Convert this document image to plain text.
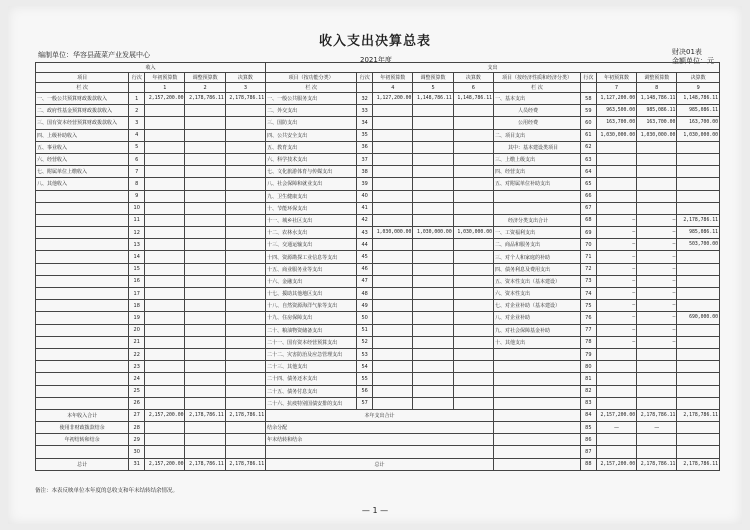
收入支出决算总表
编制单位：华容县蔬菜产业发展中心
2021年度
财决01表
金额单位：元
收入					支出									
项目	行次	年初预算数	调整预算数	决算数	项目（按功能分类）	行次	年初预算数	调整预算数	决算数	项目（按经济性质和经济分类）	行次	年初预算数	调整预算数	决算数
栏 次		1	2	3	栏 次		4	5	6	栏 次		7	8	9
一、一般公共预算财政拨款收入	1	2,157,200.00	2,178,786.11	2,178,786.11	一、一般公共服务支出	32	1,127,200.00	1,148,786.11	1,148,786.11	一、基本支出	58	1,127,200.00	1,148,786.11	1,148,786.11
二、政府性基金预算财政拨款收入	2				二、外交支出	33				人员经费	59	963,500.00	985,086.11	985,086.11
三、国有资本经营预算财政拨款收入	3				三、国防支出	34				公用经费	60	163,700.00	163,700.00	163,700.00
四、上级补助收入	4				四、公共安全支出	35				二、项目支出	61	1,030,000.00	1,030,000.00	1,030,000.00
五、事业收入	5				五、教育支出	36				其中：基本建设类项目	62			
六、经营收入	6				六、科学技术支出	37				三、上缴上级支出	63			
七、附属单位上缴收入	7				七、文化旅游体育与传媒支出	38				四、经营支出	64			
八、其他收入	8				八、社会保障和就业支出	39				五、对附属单位补助支出	65			
	9				九、卫生健康支出	40					66			
	10				十、节能环保支出	41					67			
	11				十一、城乡社区支出	42				经济分类支出合计	68	—	—	2,178,786.11
	12				十二、农林水支出	43	1,030,000.00	1,030,000.00	1,030,000.00	一、工资福利支出	69	—	—	985,086.11
	13				十三、交通运输支出	44				二、商品和服务支出	70	—	—	503,700.00
	14				十四、资源勘探工业信息等支出	45				三、对个人和家庭的补助	71	—	—	
	15				十五、商业服务业等支出	46				四、债务利息及费用支出	72	—	—	
	16				十六、金融支出	47				五、资本性支出（基本建设）	73	—	—	
	17				十七、援助其他地区支出	48				六、资本性支出	74	—	—	
	18				十八、自然资源海洋气象等支出	49				七、对企业补助（基本建设）	75	—	—	
	19				十九、住房保障支出	50				八、对企业补助	76	—	—	690,000.00
	20				二十、粮油物资储备支出	51				九、对社会保障基金补助	77	—	—	
	21				二十一、国有资本经营预算支出	52				十、其他支出	78	—	—	
	22				二十二、灾害防治及应急管理支出	53					79			
	23				二十三、其他支出	54					80			
	24				二十四、债务还本支出	55					81			
	25				二十五、债务付息支出	56					82			
	26				二十六、抗疫特别国债安排的支出	57					83			
本年收入合计	27	2,157,200.00	2,178,786.11	2,178,786.11	本年支出合计						84	2,157,200.00	2,178,786.11	2,178,786.11
使用非财政拨款结余	28				结余分配						85	—	—	
年初结转和结余	29				年末结转和结余						86			
	30										87			
总计	31	2,157,200.00	2,178,786.11	2,178,786.11	总计						88	2,157,200.00	2,178,786.11	2,178,786.11
备注：本表反映单位本年度的总收支和年末结转结余情况。
— 1 —
